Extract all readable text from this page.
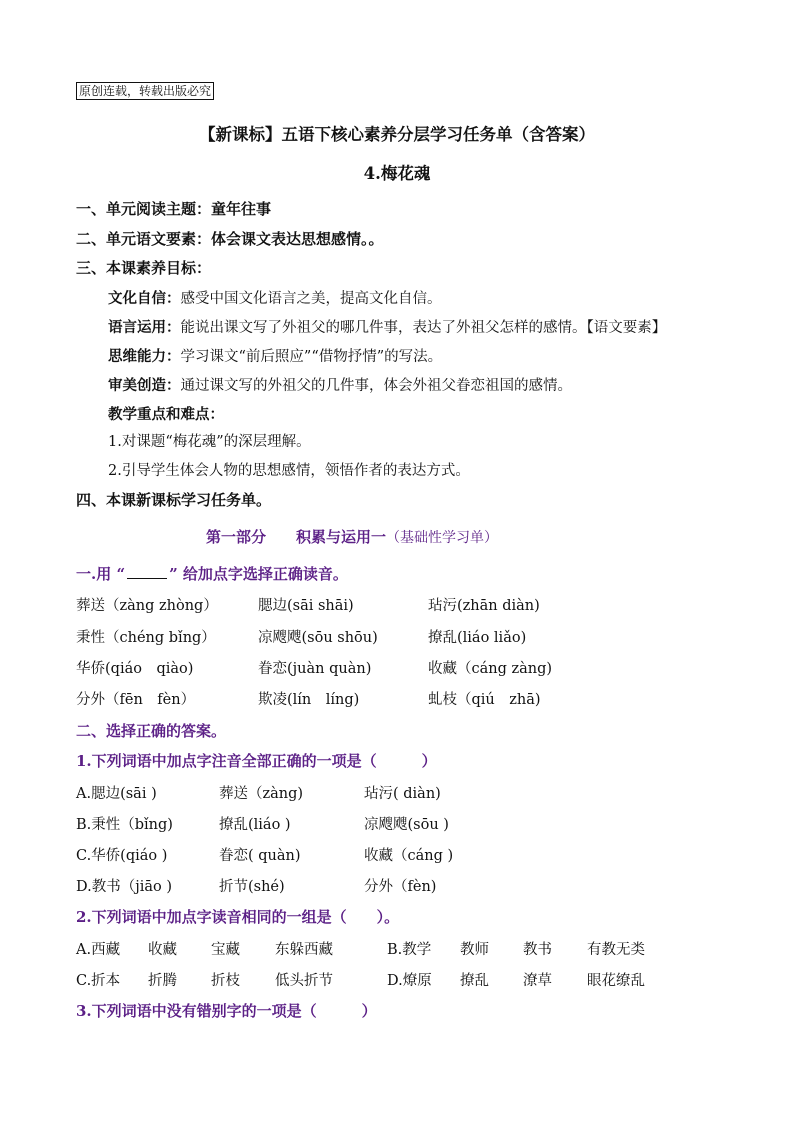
原创连载，转载出版必究
【新课标】五语下核心素养分层学习任务单（含答案）
4.梅花魂
一、单元阅读主题：童年往事
二、单元语文要素：体会课文表达思想感情。。
三、本课素养目标：
文化自信：感受中国文化语言之美，提高文化自信。
语言运用：能说出课文写了外祖父的哪几件事，表达了外祖父怎样的感情。【语文要素】
思维能力：学习课文“前后照应”“借物抒情”的写法。
审美创造：通过课文写的外祖父的几件事，体会外祖父眷恋祖国的感情。
教学重点和难点：
1.对课题“梅花魂”的深层理解。
2.引导学生体会人物的思想感情，领悟作者的表达方式。
四、本课新课标学习任务单。
第一部分　　积累与运用一（基础性学习单）
一.用 “	” 给加点字选择正确读音。
葬送（zàng zhòng）	腮边(sāi shāi)	玷污(zhān diàn)
秉性（chéng bǐng）	凉飕飕(sōu shōu)	撩乱(liáo liǎo)
华侨(qiáo　qiào)	眷恋(juàn quàn)	收藏（cáng zàng)
分外（fēn　fèn）	欺凌(lín　líng)	虬枝（qiú　zhā)
二、选择正确的答案。
1.下列词语中加点字注音全部正确的一项是（　　　）
A.腮边(sāi )	葬送（zàng)	玷污( diàn)
B.秉性（bǐng)	撩乱(liáo )	凉飕飕(sōu )
C.华侨(qiáo )	眷恋( quàn)	收藏（cáng )
D.教书（jiāo )	折节(shé)	分外（fèn)
2.下列词语中加点字读音相同的一组是（　　）。
A.西藏 收藏 宝藏 东躲西藏	B.教学 教师 教书 有教无类
C.折本 折腾 折枝 低头折节	D.燎原 撩乱 潦草 眼花缭乱
3.下列词语中没有错别字的一项是（　　　）
